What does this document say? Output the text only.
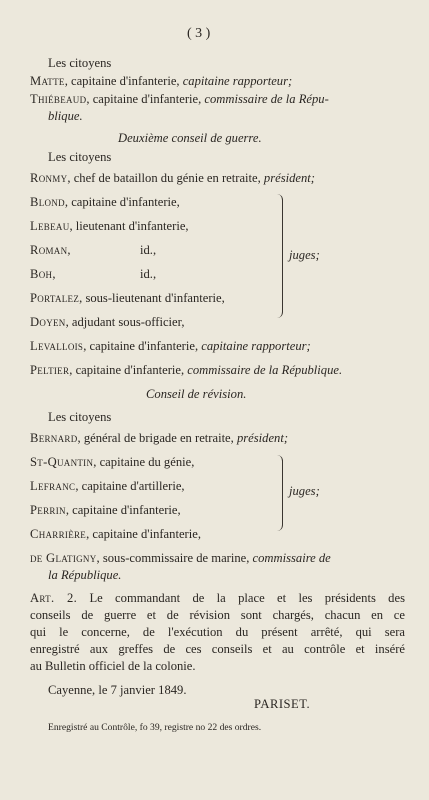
( 3 )
Les citoyens
Matte, capitaine d'infanterie, capitaine rapporteur;
Thiébeaud, capitaine d'infanterie, commissaire de la Répu-
blique.
Deuxième conseil de guerre.
Les citoyens
Ronmy, chef de bataillon du génie en retraite, président;
Blond, capitaine d'infanterie,
Lebeau, lieutenant d'infanterie,
Roman,	id.,
Boh,	id.,
Portalez, sous-lieutenant d'infanterie,
Doyen, adjudant sous-officier,
juges;
Levallois, capitaine d'infanterie, capitaine rapporteur;
Peltier, capitaine d'infanterie, commissaire de la République.
Conseil de révision.
Les citoyens
Bernard, général de brigade en retraite, président;
St-Quantin, capitaine du génie,
Lefranc, capitaine d'artillerie,
Perrin, capitaine d'infanterie,
Charrière, capitaine d'infanterie,
juges;
de Glatigny, sous-commissaire de marine, commissaire de
la République.
Art. 2. Le commandant de la place et les présidents des
conseils de guerre et de révision sont chargés, chacun en ce
qui le concerne, de l'exécution du présent arrêté, qui sera
enregistré aux greffes de ces conseils et au contrôle et inséré
au Bulletin officiel de la colonie.
Cayenne, le 7 janvier 1849.
PARISET.
Enregistré au Contrôle, fo 39, registre no 22 des ordres.
